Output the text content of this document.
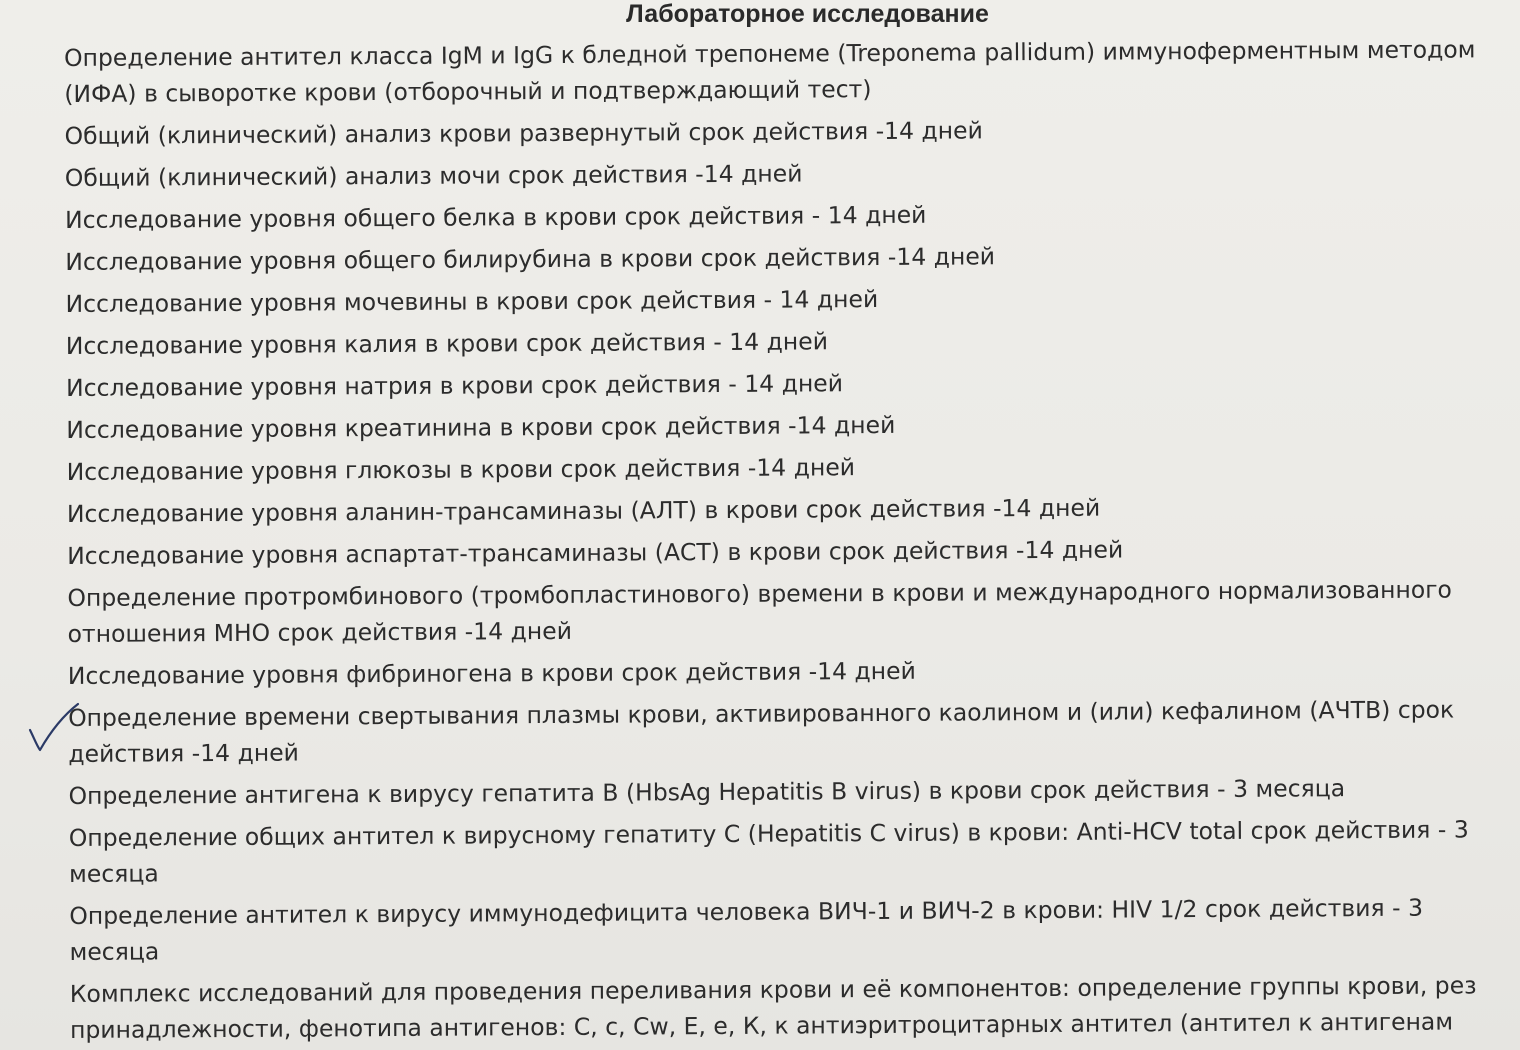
Лабораторное исследование
Определение антител класса IgM и IgG к бледной трепонеме (Treponema pallidum) иммуноферментным методом
(ИФА) в сыворотке крови (отборочный и подтверждающий тест)
Общий (клинический) анализ крови развернутый срок действия -14 дней
Общий (клинический) анализ мочи срок действия -14 дней
Исследование уровня общего белка в крови срок действия - 14 дней
Исследование уровня общего билирубина в крови срок действия -14 дней
Исследование уровня мочевины в крови срок действия - 14 дней
Исследование уровня калия в крови срок действия - 14 дней
Исследование уровня натрия в крови срок действия - 14 дней
Исследование уровня креатинина в крови срок действия -14 дней
Исследование уровня глюкозы в крови срок действия -14 дней
Исследование уровня аланин-трансаминазы (АЛТ) в крови срок действия -14 дней
Исследование уровня аспартат-трансаминазы (АСТ) в крови срок действия -14 дней
Определение протромбинового (тромбопластинового) времени в крови и международного нормализованного
отношения МНО срок действия -14 дней
Исследование уровня фибриногена в крови срок действия -14 дней
Определение времени свертывания плазмы крови, активированного каолином и (или) кефалином (АЧТВ) срок
действия -14 дней
Определение антигена к вирусу гепатита В (HbsAg Hepatitis B virus) в крови срок действия - 3 месяца
Определение общих антител к вирусному гепатиту С (Hepatitis C virus) в крови: Anti-HCV total срок действия - 3
месяца
Определение антител к вирусу иммунодефицита человека ВИЧ-1 и ВИЧ-2 в крови: HIV 1/2 срок действия - 3
месяца
Комплекс исследований для проведения переливания крови и её компонентов: определение группы крови, рез
принадлежности, фенотипа антигенов: С, с, Cw, Е, е, К, к антиэритроцитарных антител (антител к антигенам
